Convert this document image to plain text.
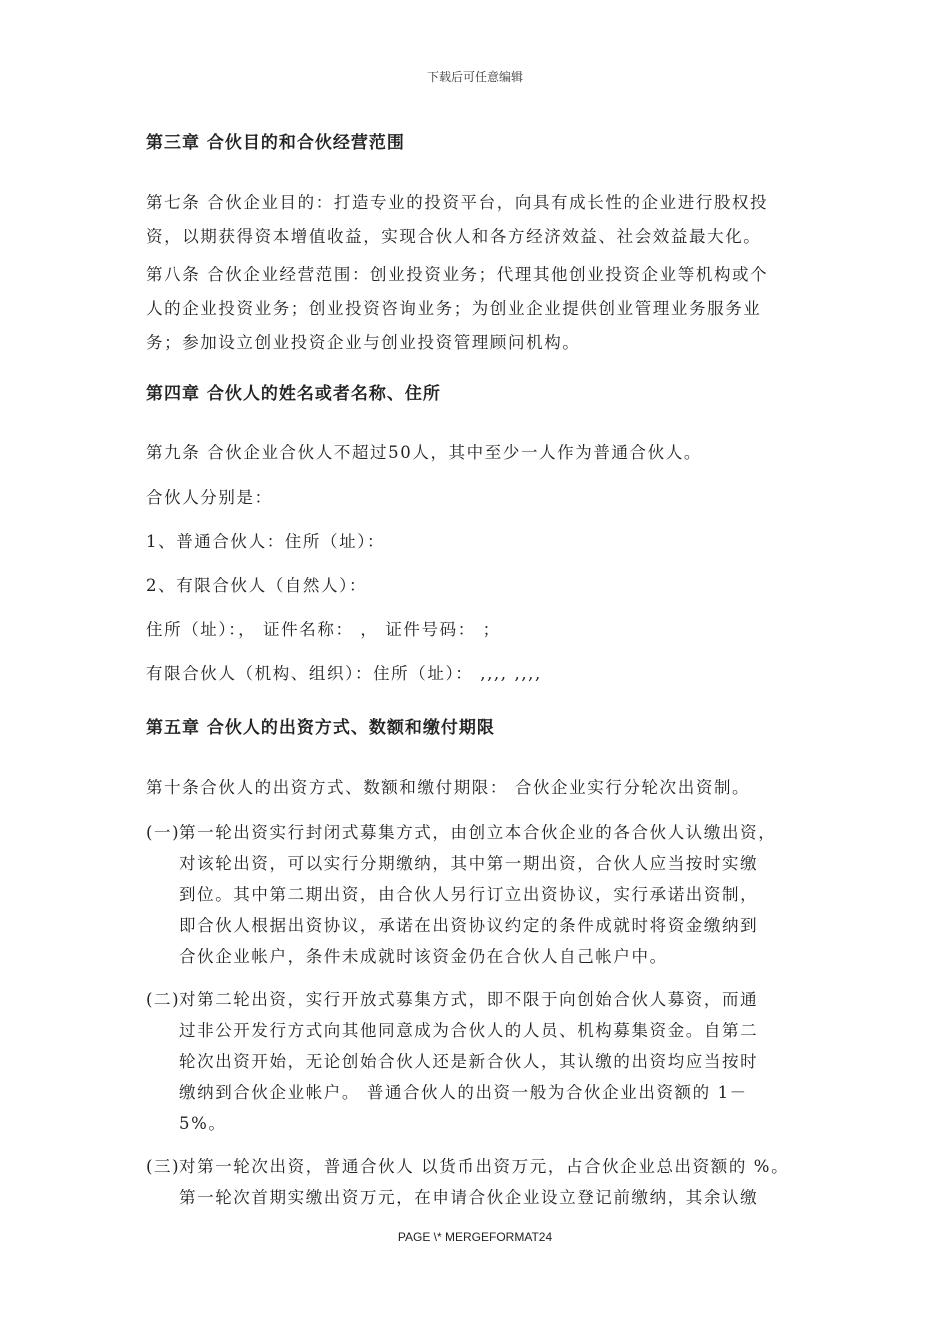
下载后可任意编辑
第三章 合伙目的和合伙经营范围
第七条 合伙企业目的：打造专业的投资平台，向具有成长性的企业进行股权投
资，以期获得资本增值收益，实现合伙人和各方经济效益、社会效益最大化。
第八条 合伙企业经营范围：创业投资业务；代理其他创业投资企业等机构或个
人的企业投资业务；创业投资咨询业务；为创业企业提供创业管理业务服务业
务；参加设立创业投资企业与创业投资管理顾问机构。
第四章 合伙人的姓名或者名称、住所
第九条 合伙企业合伙人不超过50人，其中至少一人作为普通合伙人。
合伙人分别是：
1、普通合伙人：住所（址）：
2、有限合伙人（自然人）：
住所（址）：， 证件名称： ， 证件号码： ；
有限合伙人（机构、组织）：住所（址）： ,,,, ,,,,
第五章 合伙人的出资方式、数额和缴付期限
第十条合伙人的出资方式、数额和缴付期限： 合伙企业实行分轮次出资制。
(一)
第一轮出资实行封闭式募集方式，由创立本合伙企业的各合伙人认缴出资，
对该轮出资，可以实行分期缴纳，其中第一期出资，合伙人应当按时实缴
到位。其中第二期出资，由合伙人另行订立出资协议，实行承诺出资制，
即合伙人根据出资协议，承诺在出资协议约定的条件成就时将资金缴纳到
合伙企业帐户，条件未成就时该资金仍在合伙人自己帐户中。
(二)
对第二轮出资，实行开放式募集方式，即不限于向创始合伙人募资，而通
过非公开发行方式向其他同意成为合伙人的人员、机构募集资金。自第二
轮次出资开始，无论创始合伙人还是新合伙人，其认缴的出资均应当按时
缴纳到合伙企业帐户。 普通合伙人的出资一般为合伙企业出资额的 1－
5%。
(三)
对第一轮次出资，普通合伙人 以货币出资万元，占合伙企业总出资额的 %。
第一轮次首期实缴出资万元，在申请合伙企业设立登记前缴纳，其余认缴
PAGE \* MERGEFORMAT24
